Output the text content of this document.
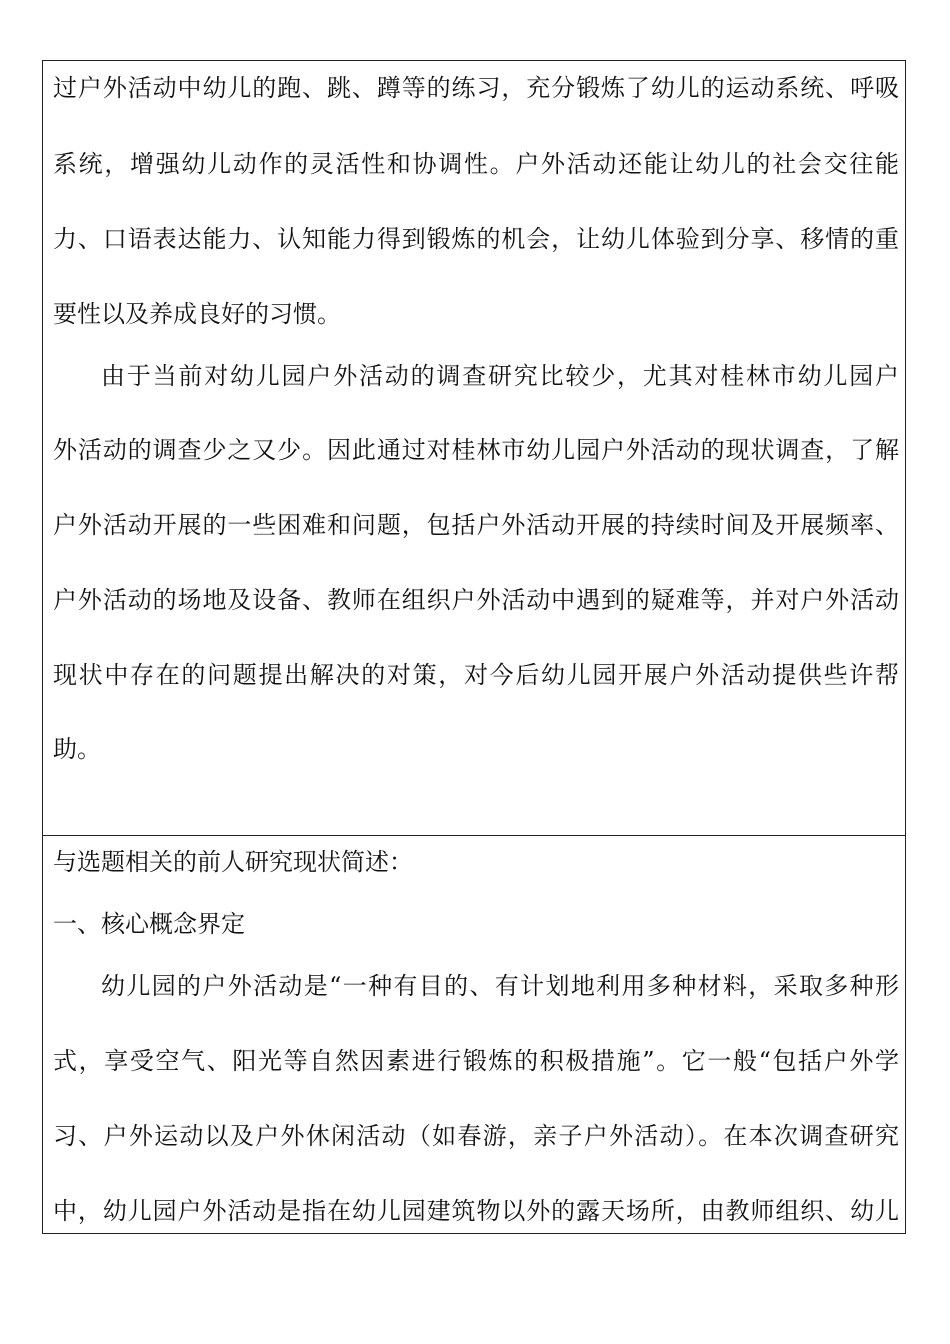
过户外活动中幼儿的跑、跳、蹲等的练习，充分锻炼了幼儿的运动系统、呼吸
系统，增强幼儿动作的灵活性和协调性。户外活动还能让幼儿的社会交往能
力、口语表达能力、认知能力得到锻炼的机会，让幼儿体验到分享、移情的重
要性以及养成良好的习惯。
由于当前对幼儿园户外活动的调查研究比较少，尤其对桂林市幼儿园户
外活动的调查少之又少。因此通过对桂林市幼儿园户外活动的现状调查，了解
户外活动开展的一些困难和问题，包括户外活动开展的持续时间及开展频率、
户外活动的场地及设备、教师在组织户外活动中遇到的疑难等，并对户外活动
现状中存在的问题提出解决的对策，对今后幼儿园开展户外活动提供些许帮
助。
与选题相关的前人研究现状简述：
一、核心概念界定
幼儿园的户外活动是“一种有目的、有计划地利用多种材料，采取多种形
式，享受空气、阳光等自然因素进行锻炼的积极措施”。它一般“包括户外学
习、户外运动以及户外休闲活动（如春游，亲子户外活动）。在本次调查研究
中，幼儿园户外活动是指在幼儿园建筑物以外的露天场所，由教师组织、幼儿
